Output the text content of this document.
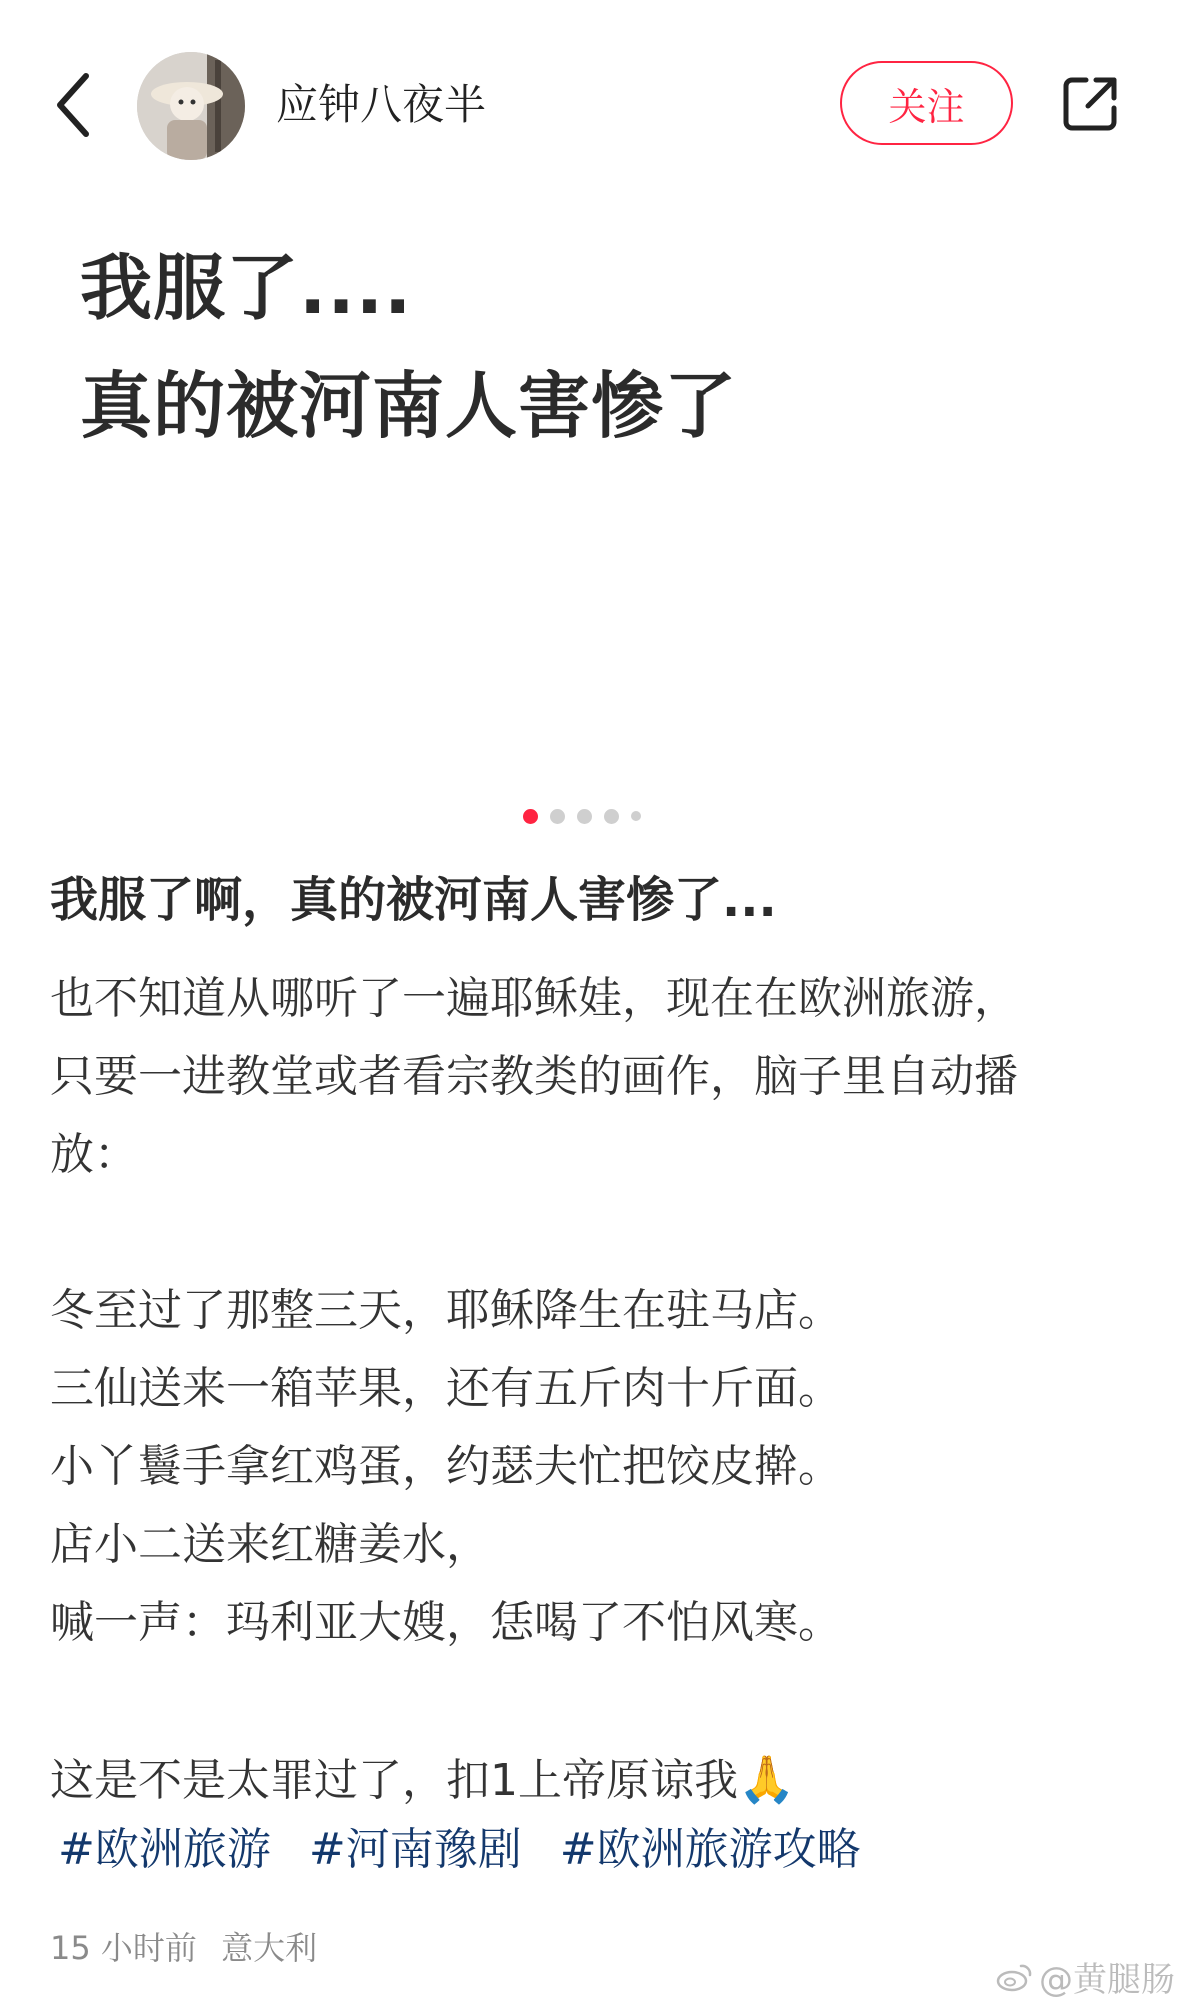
应钟八夜半	关注
我服了....
真的被河南人害惨了
我服了啊，真的被河南人害惨了...
也不知道从哪听了一遍耶稣娃，现在在欧洲旅游，
只要一进教堂或者看宗教类的画作，脑子里自动播
放：
冬至过了那整三天，耶稣降生在驻马店。
三仙送来一箱苹果，还有五斤肉十斤面。
小丫鬟手拿红鸡蛋，约瑟夫忙把饺皮擀。
店小二送来红糖姜水，
喊一声：玛利亚大嫂，恁喝了不怕风寒。
这是不是太罪过了，扣1上帝原谅我🙏
#欧洲旅游 #河南豫剧 #欧洲旅游攻略
15 小时前 意大利
@黄腿肠
